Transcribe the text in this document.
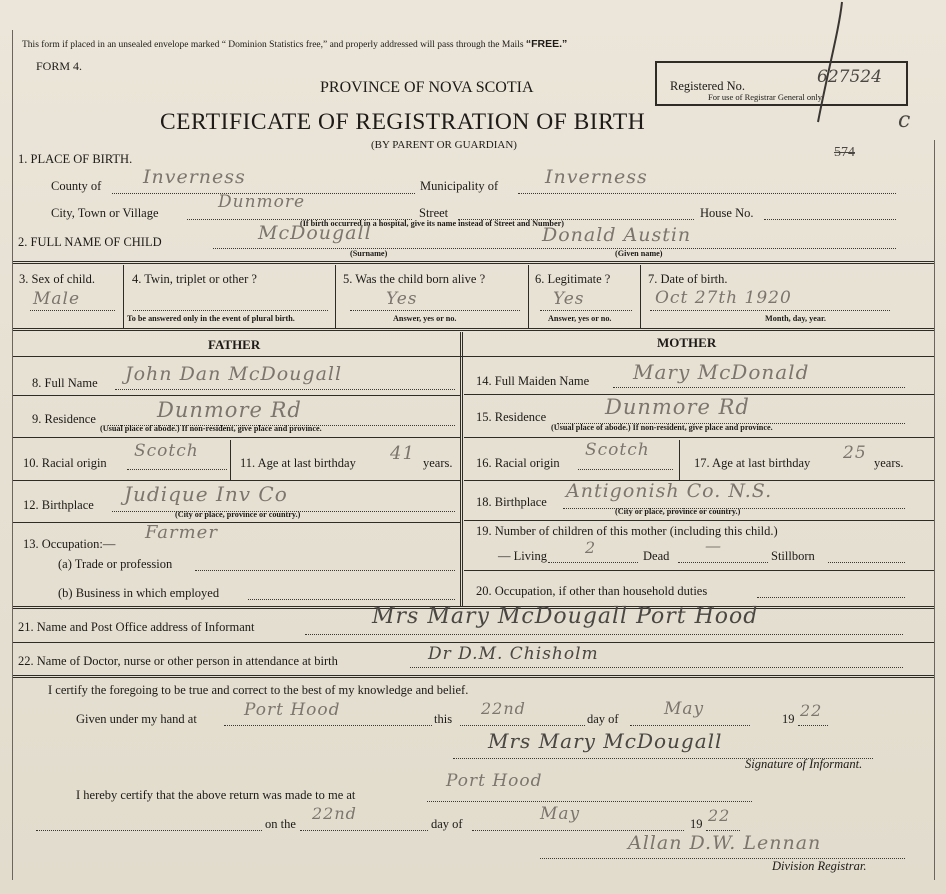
This form if placed in an unsealed envelope marked “ Dominion Statistics free,” and properly addressed will pass through the Mails “FREE.”
FORM 4.
PROVINCE OF NOVA SCOTIA
CERTIFICATE OF REGISTRATION OF BIRTH
(BY PARENT OR GUARDIAN)
Registered No.
For use of Registrar General only.
627524
c
574
1. PLACE OF BIRTH.
County of Inverness	Municipality of Inverness
City, Town or Village
Dunmore
Street	House No.
(If birth occurred in a hospital, give its name instead of Street and Number)
2. FULL NAME OF CHILD	McDougall	Donald Austin
(Surname)	(Given name)
3. Sex of child.
Male
4. Twin, triplet or other ?
To be answered only in the event of plural birth.
5. Was the child born alive ?
Yes
Answer, yes or no.
6. Legitimate ?
Yes
Answer, yes or no.
7. Date of birth.
Oct 27th 1920
Month, day, year.
FATHER	MOTHER
8. Full Name John Dan McDougall
9. Residence	Dunmore Rd
(Usual place of abode.) If non-resident, give place and province.
10. Racial origin
Scotch
11. Age at last birthday 41 years.
12. Birthplace Judique Inv Co
(City or place, province or country.)
13. Occupation:—
Farmer
(a) Trade or profession
(b) Business in which employed
14. Full Maiden Name Mary McDonald
15. Residence	Dunmore Rd
(Usual place of abode.) If non-resident, give place and province.
16. Racial origin
Scotch
17. Age at last birthday 25 years.
18. Birthplace Antigonish Co. N.S.
(City or place, province or country.)
19. Number of children of this mother (including this child.)
— Living 2	Dead
—
Stillborn
20. Occupation, if other than household duties
21. Name and Post Office address of Informant	Mrs Mary McDougall Port Hood
22. Name of Doctor, nurse or other person in attendance at birth	Dr D.M. Chisholm
I certify the foregoing to be true and correct to the best of my knowledge and belief.
Given under my hand at	Port Hood	this
22nd
day of	May	19 22
Mrs Mary McDougall
Signature of Informant.
I hereby certify that the above return was made to me at
Port Hood
on the
22nd
day of	May	19 22
Allan D.W. Lennan
Division Registrar.
